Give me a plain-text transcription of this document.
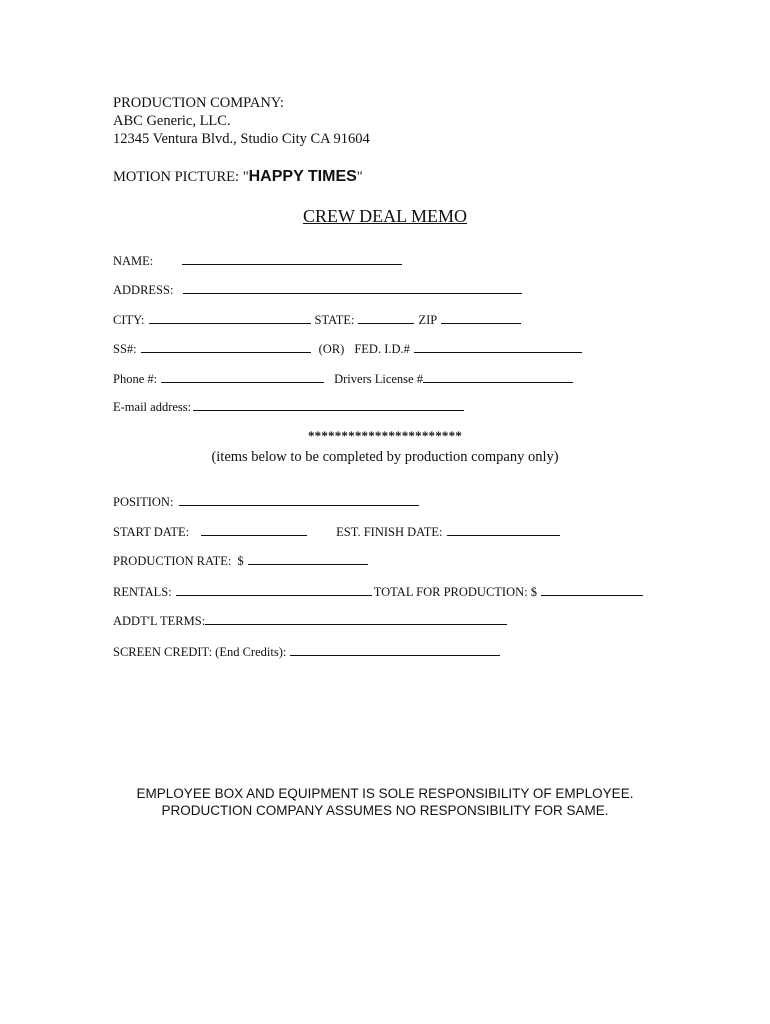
PRODUCTION COMPANY:
ABC Generic, LLC.
12345 Ventura Blvd., Studio City CA 91604
MOTION PICTURE: "HAPPY TIMES"
CREW DEAL MEMO
NAME:
ADDRESS:
CITY:	STATE:	ZIP
SS#:	(OR) FED. I.D.#
Phone #:	Drivers License #
E-mail address:
***********************
(items below to be completed by production company only)
POSITION:
START DATE:	EST. FINISH DATE:
PRODUCTION RATE: $
RENTALS:	TOTAL FOR PRODUCTION: $
ADDT'L TERMS:
SCREEN CREDIT: (End Credits):
EMPLOYEE BOX AND EQUIPMENT IS SOLE RESPONSIBILITY OF EMPLOYEE.
PRODUCTION COMPANY ASSUMES NO RESPONSIBILITY FOR SAME.
